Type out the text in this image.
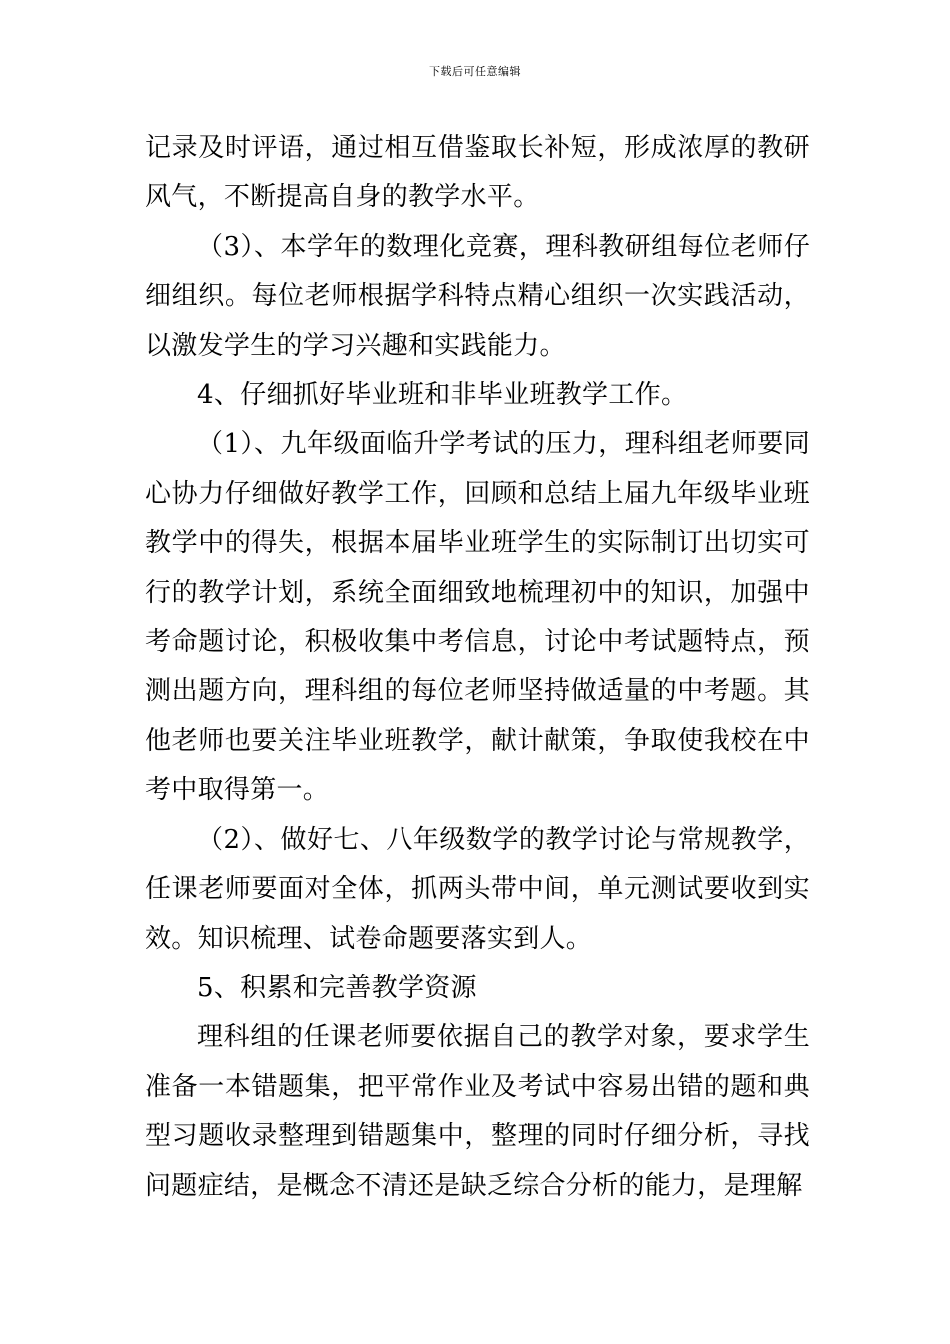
下载后可任意编辑

记录及时评语，通过相互借鉴取长补短，形成浓厚的教研风气，不断提高自身的教学水平。

（3）、本学年的数理化竞赛，理科教研组每位老师仔细组织。每位老师根据学科特点精心组织一次实践活动，以激发学生的学习兴趣和实践能力。

4、仔细抓好毕业班和非毕业班教学工作。

（1）、九年级面临升学考试的压力，理科组老师要同心协力仔细做好教学工作，回顾和总结上届九年级毕业班教学中的得失，根据本届毕业班学生的实际制订出切实可行的教学计划，系统全面细致地梳理初中的知识，加强中考命题讨论，积极收集中考信息，讨论中考试题特点，预测出题方向，理科组的每位老师坚持做适量的中考题。其他老师也要关注毕业班教学，献计献策，争取使我校在中考中取得第一。

（2）、做好七、八年级数学的教学讨论与常规教学，任课老师要面对全体，抓两头带中间，单元测试要收到实效。知识梳理、试卷命题要落实到人。

5、积累和完善教学资源

理科组的任课老师要依据自己的教学对象，要求学生准备一本错题集，把平常作业及考试中容易出错的题和典型习题收录整理到错题集中，整理的同时仔细分析，寻找问题症结，是概念不清还是缺乏综合分析的能力，是理解
